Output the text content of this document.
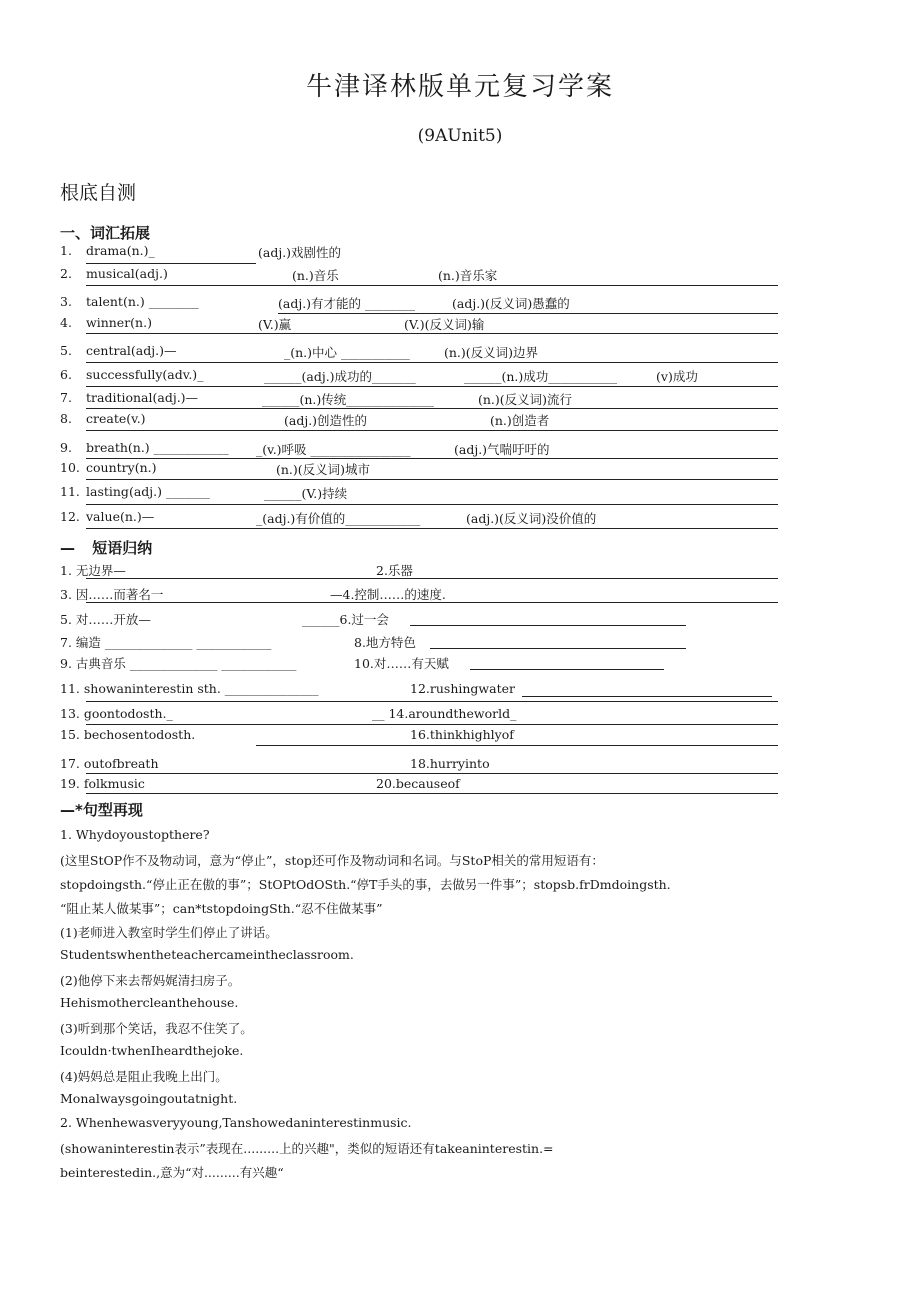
牛津译林版单元复习学案
(9AUnit5)
根底自测
一、词汇拓展
1. drama(n.)_	(adj.)戏剧性的
2. musical(adj.)	(n.)音乐	(n.)音乐家
3. talent(n.) ________	(adj.)有才能的 ________	(adj.)(反义词)愚蠢的
4. winner(n.)	(V.)赢	(V.)(反义词)输
5. central(adj.)—	_(n.)中心 ___________	(n.)(反义词)边界
6. successfully(adv.)_	______(adj.)成功的_______	______(n.)成功___________	(v)成功
7. traditional(adj.)—	______(n.)传统______________	(n.)(反义词)流行
8. create(v.)	(adj.)创造性的	(n.)创造者
9. breath(n.) ____________ _(v.)呼吸 ________________	(adj.)气喘吁吁的
10. country(n.)	(n.)(反义词)城市
11. lasting(adj.) _______	______(V.)持续
12. value(n.)—	_(adj.)有价值的____________	(adj.)(反义词)没价值的
— 短语归纳
1. 无边界—	2.乐器
3. 因……而著名一	—4.控制……的速度.
5. 对……开放—	______6.过一会
7. 编造 ______________ ____________	8.地方特色
9. 古典音乐 ______________ ____________	10.对……有天赋
11. showaninterestin sth. _______________	12.rushingwater
13. goontodosth._	__ 14.aroundtheworld_
15. bechosentodosth.	16.thinkhighlyof
17. outofbreath	18.hurryinto
19. folkmusic	20.becauseof
—*句型再现
1. Whydoyoustopthere?
(这里StOP作不及物动词，意为“停止”，stop还可作及物动词和名词。与StoP相关的常用短语有：
stopdoingsth.“停止正在傲的事”；StOPtOdOSth.“停T手头的事，去做另一件事”；stopsb.frDmdoingsth.
“阻止某人做某事”；can*tstopdoingSth.“忍不住做某事”
(1)老师进入教室时学生们停止了讲话。
Studentswhentheteachercameintheclassroom.
(2)他停下来去帮妈娓清扫房子。
Hehismothercleanthehouse.
(3)听到那个笑话，我忍不住笑了。
Icouldn·twhenIheardthejoke.
(4)妈妈总是阻止我晚上出门。
Monalwaysgoingoutatnight.
2. Whenhewasveryyoung,Tanshowedaninterestinmusic.
(showaninterestin表示”表现在.........上的兴趣"，类似的短语还有takeaninterestin.=
beinterestedin.,意为“对.........有兴趣“
